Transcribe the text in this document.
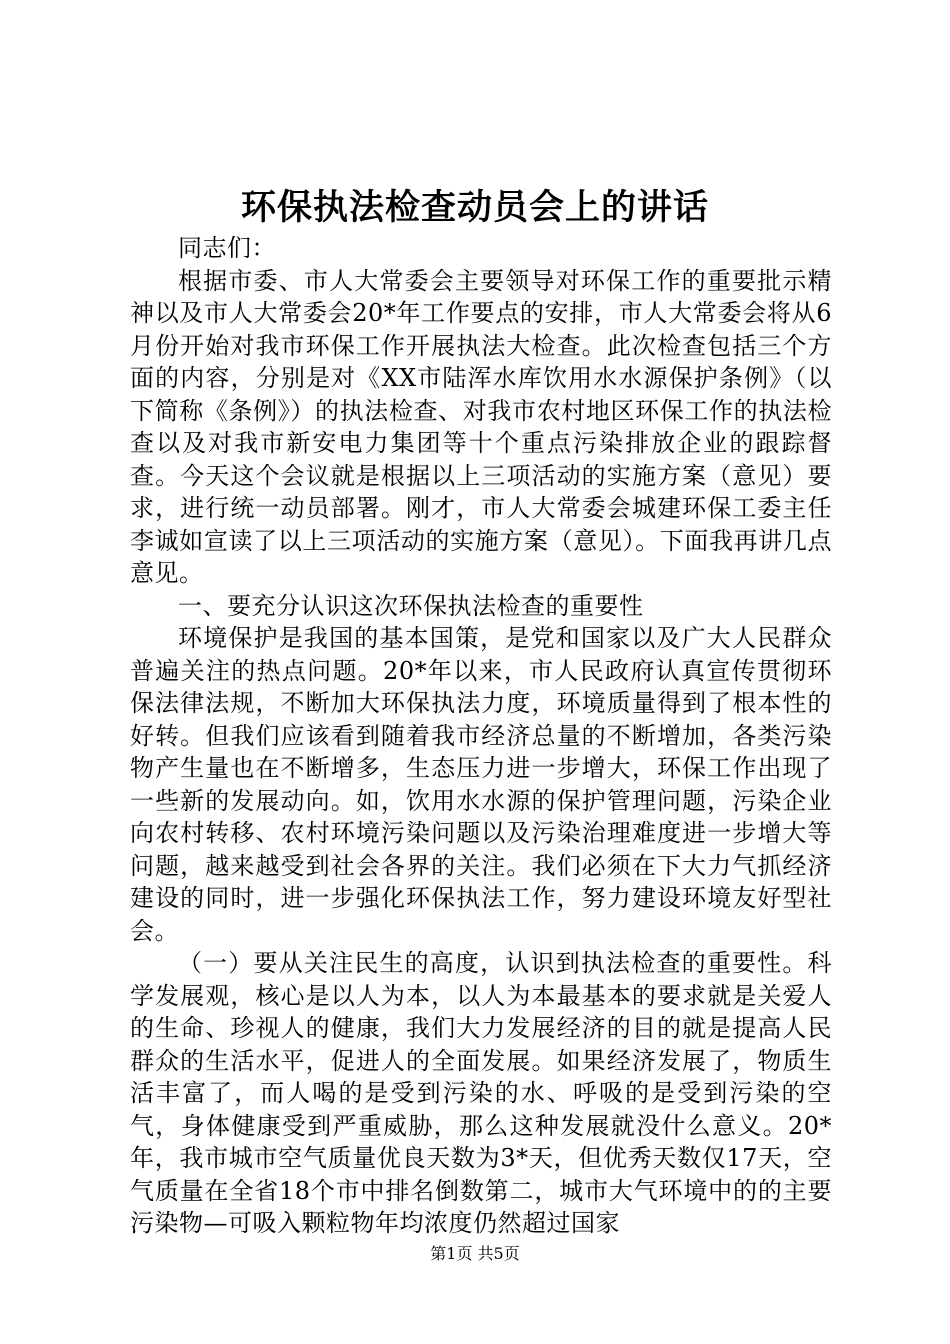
环保执法检查动员会上的讲话

同志们：

根据市委、市人大常委会主要领导对环保工作的重要批示精神以及市人大常委会20*年工作要点的安排，市人大常委会将从6月份开始对我市环保工作开展执法大检查。此次检查包括三个方面的内容，分别是对《XX市陆浑水库饮用水水源保护条例》（以下简称《条例》）的执法检查、对我市农村地区环保工作的执法检查以及对我市新安电力集团等十个重点污染排放企业的跟踪督查。今天这个会议就是根据以上三项活动的实施方案（意见）要求，进行统一动员部署。刚才，市人大常委会城建环保工委主任李诚如宣读了以上三项活动的实施方案（意见）。下面我再讲几点意见。

一、要充分认识这次环保执法检查的重要性

环境保护是我国的基本国策，是党和国家以及广大人民群众普遍关注的热点问题。20*年以来，市人民政府认真宣传贯彻环保法律法规，不断加大环保执法力度，环境质量得到了根本性的好转。但我们应该看到随着我市经济总量的不断增加，各类污染物产生量也在不断增多，生态压力进一步增大，环保工作出现了一些新的发展动向。如，饮用水水源的保护管理问题，污染企业向农村转移、农村环境污染问题以及污染治理难度进一步增大等问题，越来越受到社会各界的关注。我们必须在下大力气抓经济建设的同时，进一步强化环保执法工作，努力建设环境友好型社会。

（一）要从关注民生的高度，认识到执法检查的重要性。科学发展观，核心是以人为本，以人为本最基本的要求就是关爱人的生命、珍视人的健康，我们大力发展经济的目的就是提高人民群众的生活水平，促进人的全面发展。如果经济发展了，物质生活丰富了，而人喝的是受到污染的水、呼吸的是受到污染的空气，身体健康受到严重威胁，那么这种发展就没什么意义。20*年，我市城市空气质量优良天数为3*天，但优秀天数仅17天，空气质量在全省18个市中排名倒数第二，城市大气环境中的的主要污染物—可吸入颗粒物年均浓度仍然超过国家

第1页 共5页
